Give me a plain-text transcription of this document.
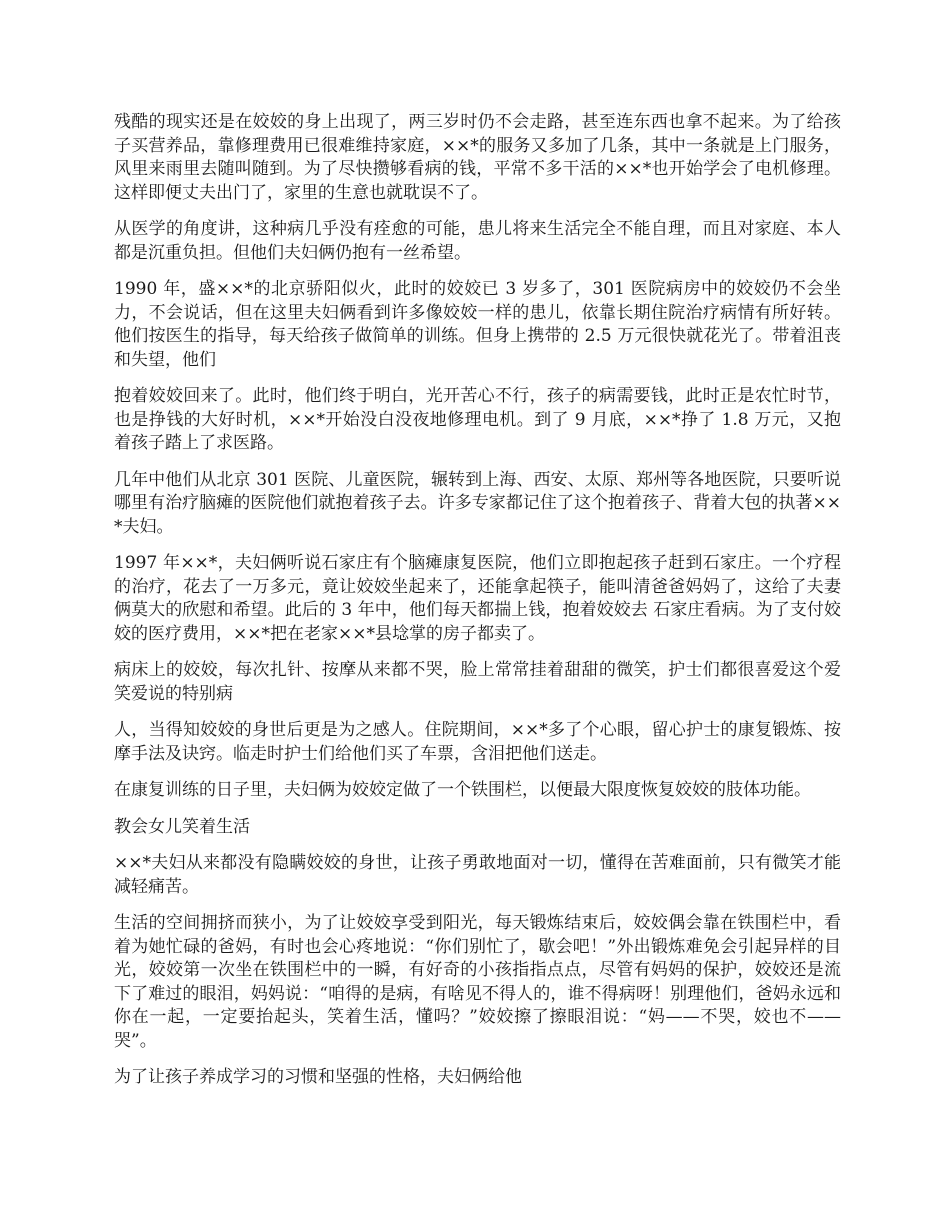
残酷的现实还是在姣姣的身上出现了，两三岁时仍不会走路，甚至连东西也拿不起来。为了给孩子买营养品，靠修理费用已很难维持家庭，××*的服务又多加了几条，其中一条就是上门服务，风里来雨里去随叫随到。为了尽快攒够看病的钱，平常不多干活的××*也开始学会了电机修理。这样即便丈夫出门了，家里的生意也就耽误不了。

从医学的角度讲，这种病几乎没有痊愈的可能，患儿将来生活完全不能自理，而且对家庭、本人都是沉重负担。但他们夫妇俩仍抱有一丝希望。

1990 年，盛××*的北京骄阳似火，此时的姣姣已 3 岁多了，301 医院病房中的姣姣仍不会坐力，不会说话，但在这里夫妇俩看到许多像姣姣一样的患儿，依靠长期住院治疗病情有所好转。他们按医生的指导，每天给孩子做简单的训练。但身上携带的 2.5 万元很快就花光了。带着沮丧和失望，他们

抱着姣姣回来了。此时，他们终于明白，光开苦心不行，孩子的病需要钱，此时正是农忙时节，也是挣钱的大好时机，××*开始没白没夜地修理电机。到了 9 月底，××*挣了 1.8 万元，又抱着孩子踏上了求医路。

几年中他们从北京 301 医院、儿童医院，辗转到上海、西安、太原、郑州等各地医院，只要听说哪里有治疗脑瘫的医院他们就抱着孩子去。许多专家都记住了这个抱着孩子、背着大包的执著××*夫妇。

1997 年××*，夫妇俩听说石家庄有个脑瘫康复医院，他们立即抱起孩子赶到石家庄。一个疗程的治疗，花去了一万多元，竟让姣姣坐起来了，还能拿起筷子，能叫清爸爸妈妈了，这给了夫妻俩莫大的欣慰和希望。此后的 3 年中，他们每天都揣上钱，抱着姣姣去 石家庄看病。为了支付姣姣的医疗费用，××*把在老家××*县埝掌的房子都卖了。

病床上的姣姣，每次扎针、按摩从来都不哭，脸上常常挂着甜甜的微笑，护士们都很喜爱这个爱笑爱说的特别病

人，当得知姣姣的身世后更是为之感人。住院期间，××*多了个心眼，留心护士的康复锻炼、按摩手法及诀窍。临走时护士们给他们买了车票，含泪把他们送走。

在康复训练的日子里，夫妇俩为姣姣定做了一个铁围栏，以便最大限度恢复姣姣的肢体功能。

教会女儿笑着生活

××*夫妇从来都没有隐瞒姣姣的身世，让孩子勇敢地面对一切，懂得在苦难面前，只有微笑才能减轻痛苦。

生活的空间拥挤而狭小，为了让姣姣享受到阳光，每天锻炼结束后，姣姣偶会靠在铁围栏中，看着为她忙碌的爸妈，有时也会心疼地说：“你们别忙了，歇会吧！”外出锻炼难免会引起异样的目光，姣姣第一次坐在铁围栏中的一瞬，有好奇的小孩指指点点，尽管有妈妈的保护，姣姣还是流下了难过的眼泪，妈妈说：“咱得的是病，有啥见不得人的，谁不得病呀！别理他们，爸妈永远和你在一起，一定要抬起头，笑着生活，懂吗？”姣姣擦了擦眼泪说：“妈——不哭，姣也不——哭”。

为了让孩子养成学习的习惯和坚强的性格，夫妇俩给他
